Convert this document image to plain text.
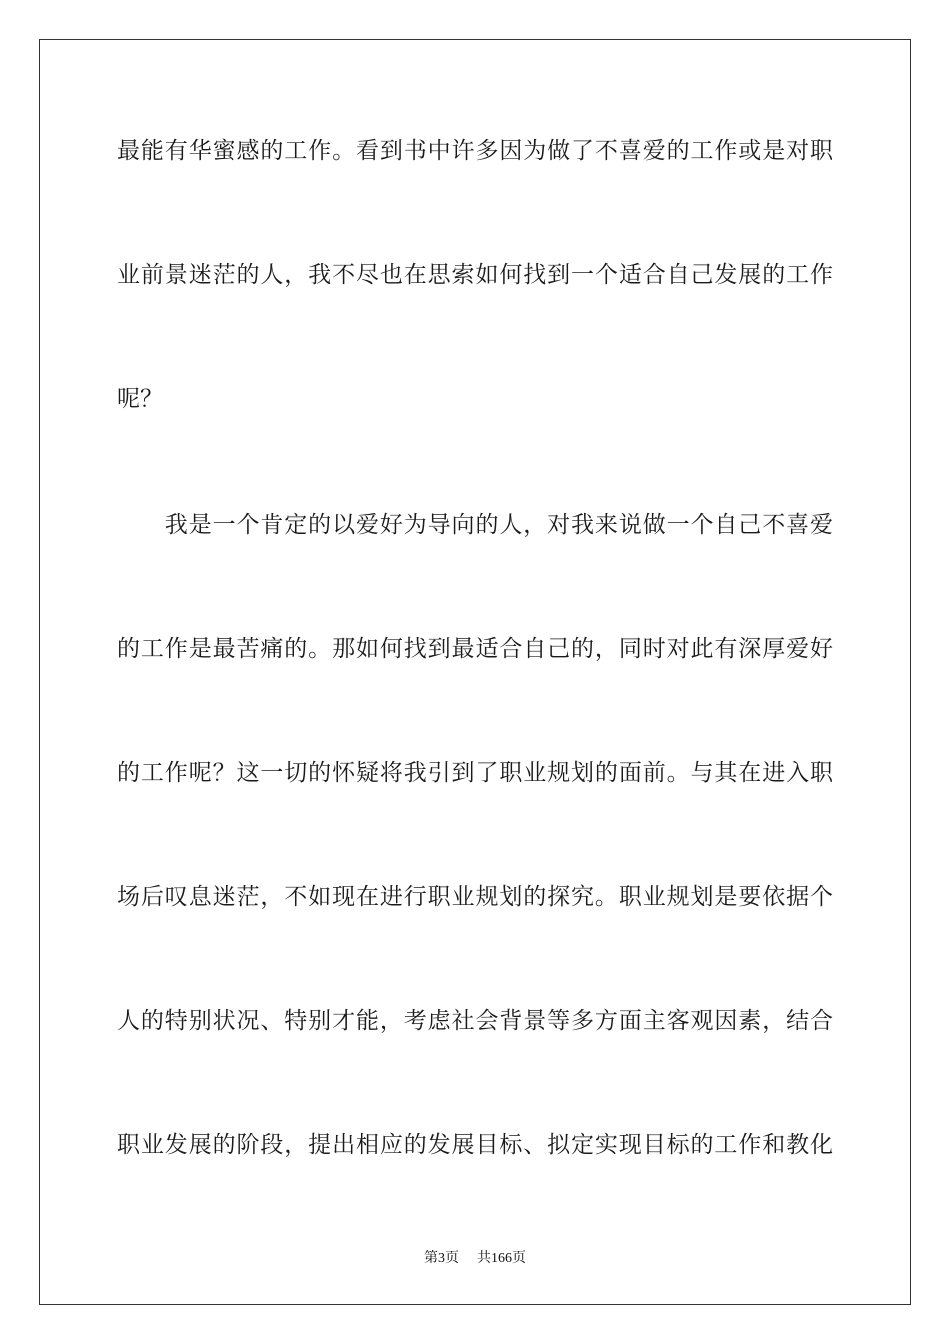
最能有华蜜感的工作。看到书中许多因为做了不喜爱的工作或是对职
业前景迷茫的人，我不尽也在思索如何找到一个适合自己发展的工作
呢？
　　我是一个肯定的以爱好为导向的人，对我来说做一个自己不喜爱
的工作是最苦痛的。那如何找到最适合自己的，同时对此有深厚爱好
的工作呢？这一切的怀疑将我引到了职业规划的面前。与其在进入职
场后叹息迷茫，不如现在进行职业规划的探究。职业规划是要依据个
人的特别状况、特别才能，考虑社会背景等多方面主客观因素，结合
职业发展的阶段，提出相应的发展目标、拟定实现目标的工作和教化
第3页 共166页
